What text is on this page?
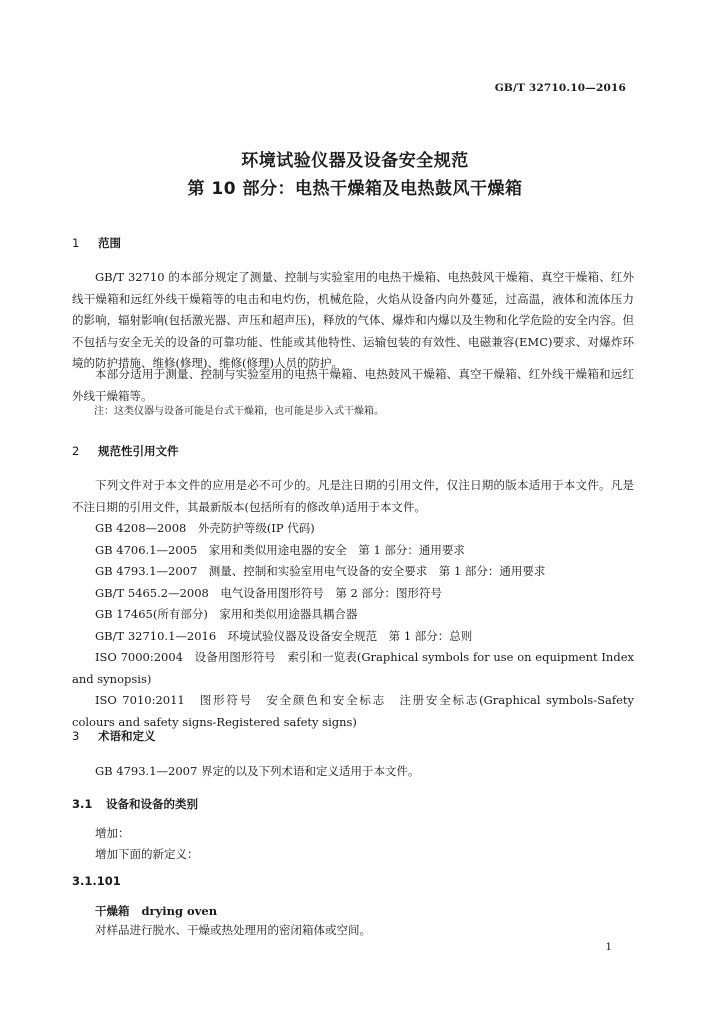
GB/T 32710.10—2016
环境试验仪器及设备安全规范
第 10 部分：电热干燥箱及电热鼓风干燥箱
1 范围

GB/T 32710 的本部分规定了测量、控制与实验室用的电热干燥箱、电热鼓风干燥箱、真空干燥箱、红外线干燥箱和远红外线干燥箱等的电击和电灼伤，机械危险，火焰从设备内向外蔓延，过高温，液体和流体压力的影响，辐射影响(包括激光器、声压和超声压)，释放的气体、爆炸和内爆以及生物和化学危险的安全内容。但不包括与安全无关的设备的可靠功能、性能或其他特性、运输包装的有效性、电磁兼容(EMC)要求、对爆炸环境的防护措施、维修(修理)、维修(修理)人员的防护。

本部分适用于测量、控制与实验室用的电热干燥箱、电热鼓风干燥箱、真空干燥箱、红外线干燥箱和远红外线干燥箱等。

注：这类仪器与设备可能是台式干燥箱，也可能是步入式干燥箱。

2 规范性引用文件

下列文件对于本文件的应用是必不可少的。凡是注日期的引用文件，仅注日期的版本适用于本文件。凡是不注日期的引用文件，其最新版本(包括所有的修改单)适用于本文件。

GB 4208—2008　外壳防护等级(IP 代码)

GB 4706.1—2005　家用和类似用途电器的安全　第 1 部分：通用要求

GB 4793.1—2007　测量、控制和实验室用电气设备的安全要求　第 1 部分：通用要求

GB/T 5465.2—2008　电气设备用图形符号　第 2 部分：图形符号

GB 17465(所有部分)　家用和类似用途器具耦合器

GB/T 32710.1—2016　环境试验仪器及设备安全规范　第 1 部分：总则

ISO 7000:2004　设备用图形符号　索引和一览表(Graphical symbols for use on equipment Index and synopsis)

ISO 7010:2011　图形符号　安全颜色和安全标志　注册安全标志(Graphical symbols-Safety colours and safety signs-Registered safety signs)

3 术语和定义

GB 4793.1—2007 界定的以及下列术语和定义适用于本文件。

3.1 设备和设备的类别
增加：
增加下面的新定义：
3.1.101
干燥箱 drying oven
对样品进行脱水、干燥或热处理用的密闭箱体或空间。
1
